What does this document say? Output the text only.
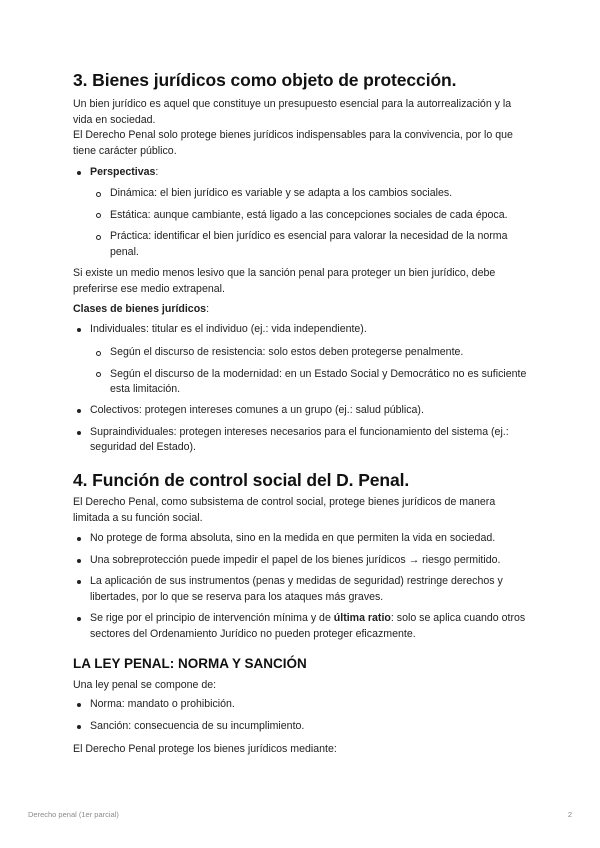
3. Bienes jurídicos como objeto de protección.

Un bien jurídico es aquel que constituye un presupuesto esencial para la autorrealización y la vida en sociedad.

El Derecho Penal solo protege bienes jurídicos indispensables para la convivencia, por lo que tiene carácter público.

Perspectivas:
Dinámica: el bien jurídico es variable y se adapta a los cambios sociales.
Estática: aunque cambiante, está ligado a las concepciones sociales de cada época.
Práctica: identificar el bien jurídico es esencial para valorar la necesidad de la norma penal.

Si existe un medio menos lesivo que la sanción penal para proteger un bien jurídico, debe preferirse ese medio extrapenal.

Clases de bienes jurídicos:

Individuales: titular es el individuo (ej.: vida independiente).
Según el discurso de resistencia: solo estos deben protegerse penalmente.
Según el discurso de la modernidad: en un Estado Social y Democrático no es suficiente esta limitación.
Colectivos: protegen intereses comunes a un grupo (ej.: salud pública).
Supraindividuales: protegen intereses necesarios para el funcionamiento del sistema (ej.: seguridad del Estado).
4. Función de control social del D. Penal.

El Derecho Penal, como subsistema de control social, protege bienes jurídicos de manera limitada a su función social.

No protege de forma absoluta, sino en la medida en que permiten la vida en sociedad.
Una sobreprotección puede impedir el papel de los bienes jurídicos → riesgo permitido.
La aplicación de sus instrumentos (penas y medidas de seguridad) restringe derechos y libertades, por lo que se reserva para los ataques más graves.
Se rige por el principio de intervención mínima y de última ratio: solo se aplica cuando otros sectores del Ordenamiento Jurídico no pueden proteger eficazmente.
LA LEY PENAL: NORMA Y SANCIÓN

Una ley penal se compone de:

Norma: mandato o prohibición.
Sanción: consecuencia de su incumplimiento.

El Derecho Penal protege los bienes jurídicos mediante:

Derecho penal (1er parcial)	2
